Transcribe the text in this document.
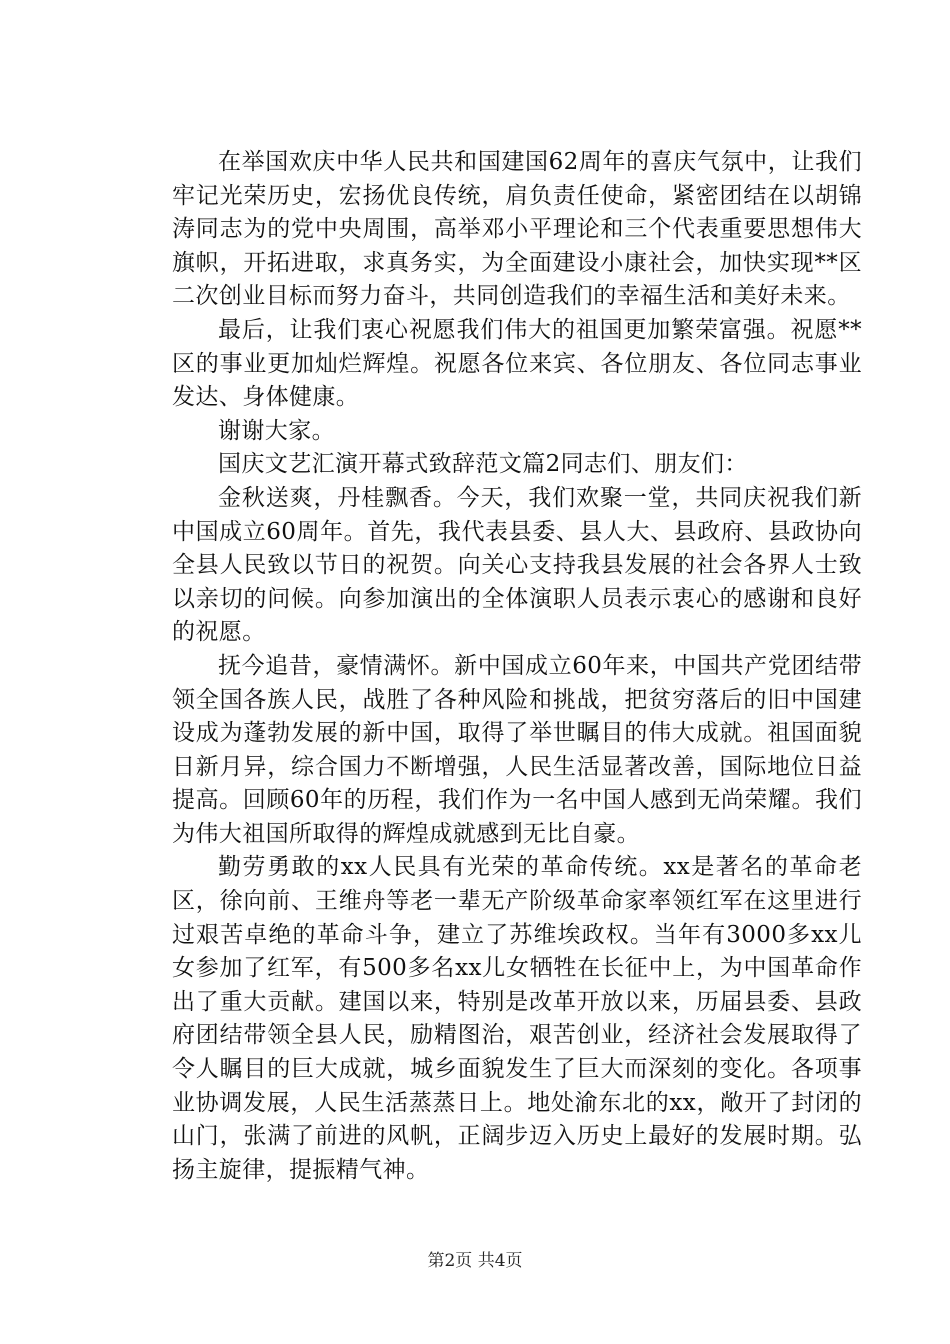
在举国欢庆中华人民共和国建国62周年的喜庆气氛中，让我们牢记光荣历史，宏扬优良传统，肩负责任使命，紧密团结在以胡锦涛同志为的党中央周围，高举邓小平理论和三个代表重要思想伟大旗帜，开拓进取，求真务实，为全面建设小康社会，加快实现**区二次创业目标而努力奋斗，共同创造我们的幸福生活和美好未来。

最后，让我们衷心祝愿我们伟大的祖国更加繁荣富强。祝愿**区的事业更加灿烂辉煌。祝愿各位来宾、各位朋友、各位同志事业发达、身体健康。

谢谢大家。

国庆文艺汇演开幕式致辞范文篇2同志们、朋友们：

金秋送爽，丹桂飘香。今天，我们欢聚一堂，共同庆祝我们新中国成立60周年。首先，我代表县委、县人大、县政府、县政协向全县人民致以节日的祝贺。向关心支持我县发展的社会各界人士致以亲切的问候。向参加演出的全体演职人员表示衷心的感谢和良好的祝愿。

抚今追昔，豪情满怀。新中国成立60年来，中国共产党团结带领全国各族人民，战胜了各种风险和挑战，把贫穷落后的旧中国建设成为蓬勃发展的新中国，取得了举世瞩目的伟大成就。祖国面貌日新月异，综合国力不断增强，人民生活显著改善，国际地位日益提高。回顾60年的历程，我们作为一名中国人感到无尚荣耀。我们为伟大祖国所取得的辉煌成就感到无比自豪。

勤劳勇敢的xx人民具有光荣的革命传统。xx是著名的革命老区，徐向前、王维舟等老一辈无产阶级革命家率领红军在这里进行过艰苦卓绝的革命斗争，建立了苏维埃政权。当年有3000多xx儿女参加了红军，有500多名xx儿女牺牲在长征中上，为中国革命作出了重大贡献。建国以来，特别是改革开放以来，历届县委、县政府团结带领全县人民，励精图治，艰苦创业，经济社会发展取得了令人瞩目的巨大成就，城乡面貌发生了巨大而深刻的变化。各项事业协调发展，人民生活蒸蒸日上。地处渝东北的xx，敞开了封闭的山门，张满了前进的风帆，正阔步迈入历史上最好的发展时期。弘扬主旋律，提振精气神。

第2页 共4页
